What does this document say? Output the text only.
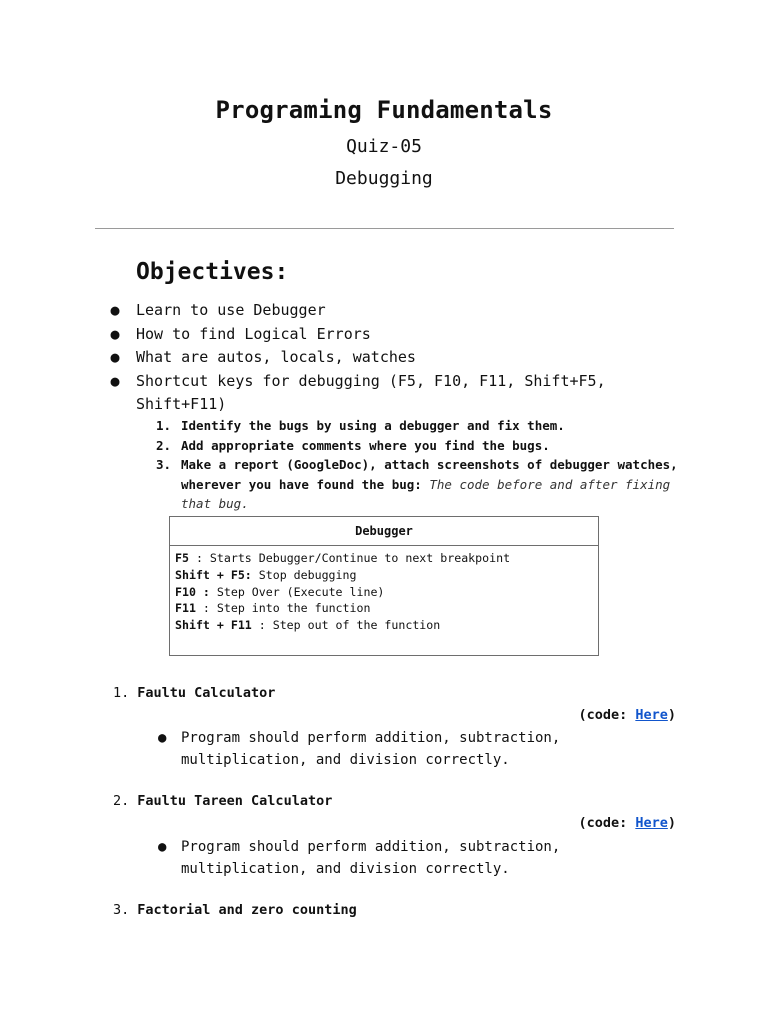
Programing Fundamentals
Quiz-05
Debugging
Objectives:
● Learn to use Debugger
● How to find Logical Errors
● What are autos, locals, watches
● Shortcut keys for debugging (F5, F10, F11, Shift+F5, Shift+F11)
1. Identify the bugs by using a debugger and fix them.
2. Add appropriate comments where you find the bugs.
3. Make a report (GoogleDoc), attach screenshots of debugger watches, wherever you have found the bug: The code before and after fixing that bug.
Debugger
F5 : Starts Debugger/Continue to next breakpoint
Shift + F5: Stop debugging
F10 : Step Over (Execute line)
F11 : Step into the function
Shift + F11 : Step out of the function
1. Faultu Calculator
(code: Here)
● Program should perform addition, subtraction, multiplication, and division correctly.
2. Faultu Tareen Calculator
(code: Here)
● Program should perform addition, subtraction, multiplication, and division correctly.
3. Factorial and zero counting
